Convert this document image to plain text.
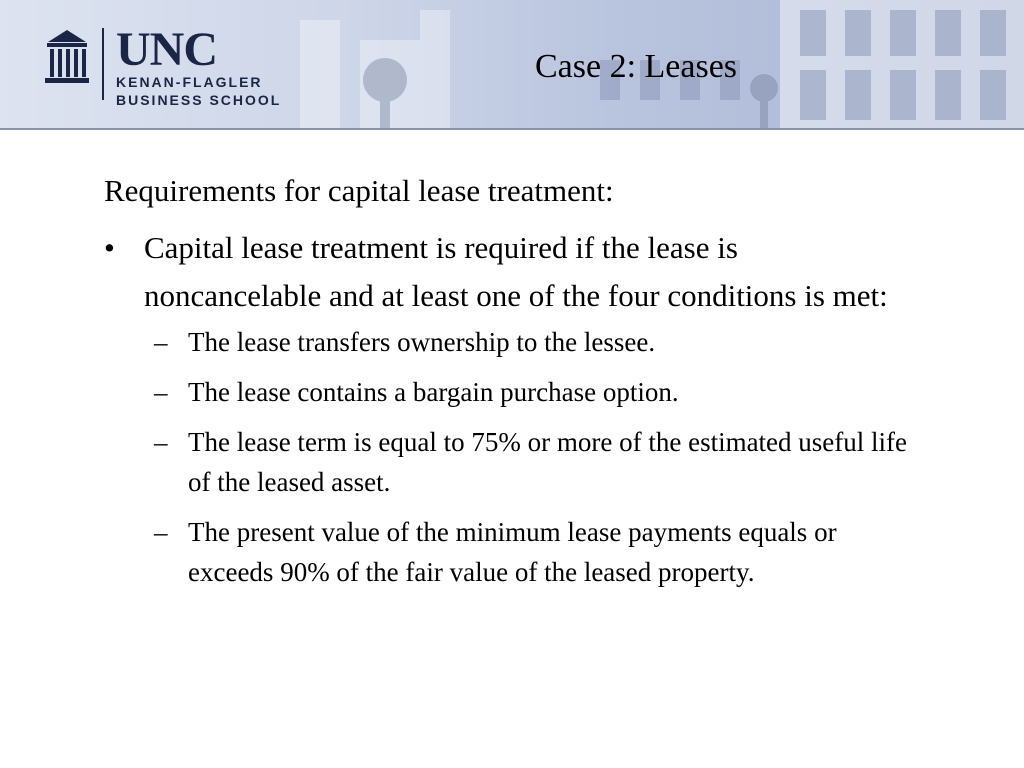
UNC
KENAN-FLAGLER
BUSINESS SCHOOL
Case 2: Leases
Requirements for capital lease treatment:
• Capital lease treatment is required if the lease is noncancelable and at least one of the four conditions is met:
– The lease transfers ownership to the lessee.
– The lease contains a bargain purchase option.
– The lease term is equal to 75% or more of the estimated useful life of the leased asset.
– The present value of the minimum lease payments equals or exceeds 90% of the fair value of the leased property.
